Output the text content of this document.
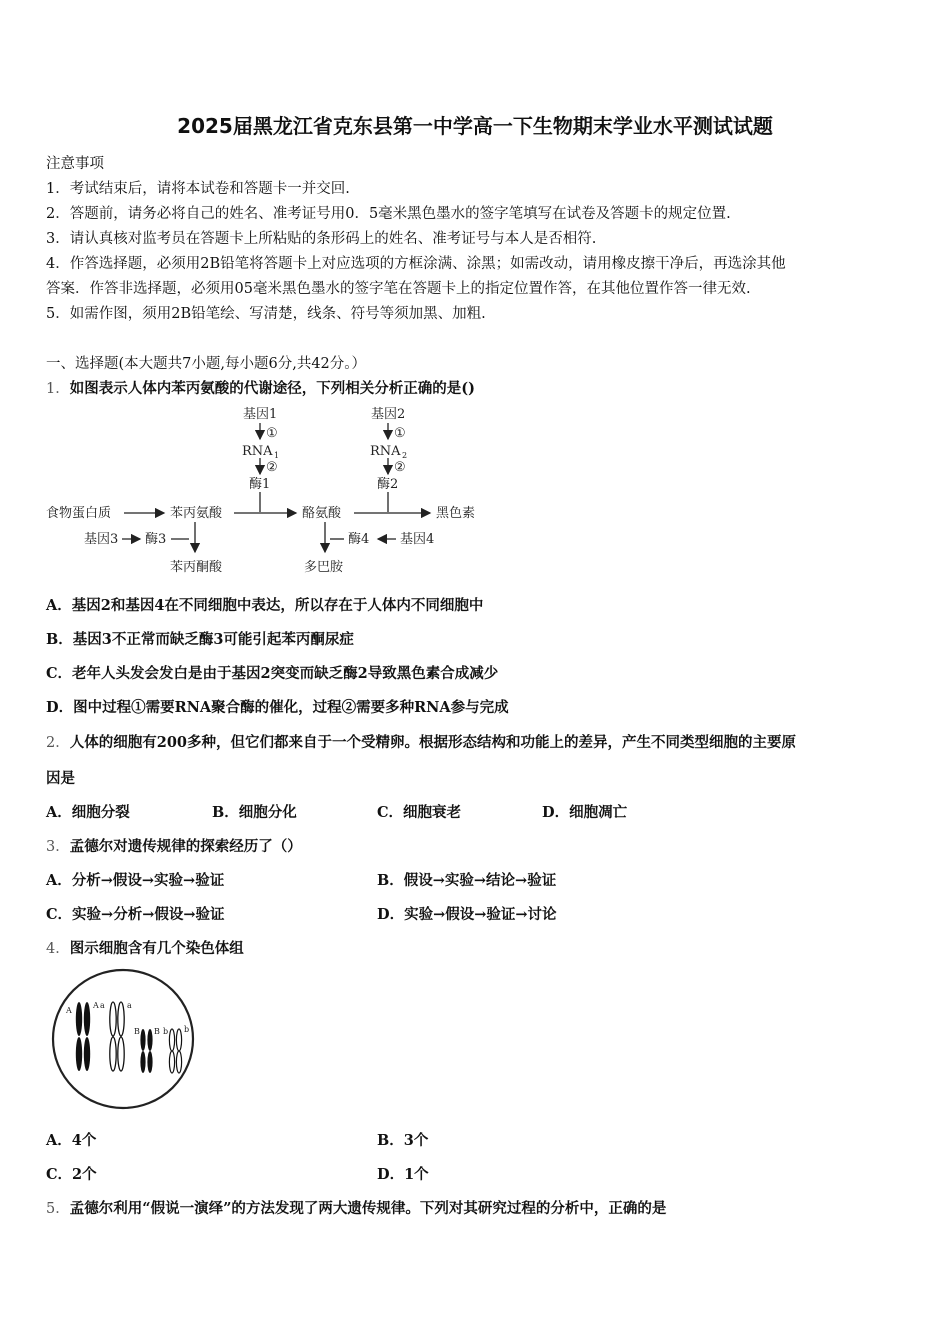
2025届黑龙江省克东县第一中学高一下生物期末学业水平测试试题
注意事项
1．考试结束后，请将本试卷和答题卡一并交回.
2．答题前，请务必将自己的姓名、准考证号用0．5毫米黑色墨水的签字笔填写在试卷及答题卡的规定位置.
3．请认真核对监考员在答题卡上所粘贴的条形码上的姓名、准考证号与本人是否相符.
4．作答选择题，必须用2B铅笔将答题卡上对应选项的方框涂满、涂黑；如需改动，请用橡皮擦干净后，再选涂其他
答案．作答非选择题，必须用05毫米黑色墨水的签字笔在答题卡上的指定位置作答，在其他位置作答一律无效.
5．如需作图，须用2B铅笔绘、写清楚，线条、符号等须加黑、加粗.
一、选择题(本大题共7小题,每小题6分,共42分。）
1．如图表示人体内苯丙氨酸的代谢途径，下列相关分析正确的是()
基因1
①
RNA 1
②
酶1
基因2
①
RNA 2
②
酶2
食物蛋白质	苯丙氨酸	酪氨酸	黑色素
基因3 酶3
苯丙酮酸
酶4 基因4
多巴胺
A．基因2和基因4在不同细胞中表达，所以存在于人体内不同细胞中
B．基因3不正常而缺乏酶3可能引起苯丙酮尿症
C．老年人头发会发白是由于基因2突变而缺乏酶2导致黑色素合成减少
D．图中过程①需要RNA聚合酶的催化，过程②需要多种RNA参与完成
2．人体的细胞有200多种，但它们都来自于一个受精卵。根据形态结构和功能上的差异，产生不同类型细胞的主要原
因是
A．细胞分裂	B．细胞分化	C．细胞衰老	D．细胞凋亡
3．孟德尔对遗传规律的探索经历了（）
A．分析→假设→实验→验证	B．假设→实验→结论→验证
C．实验→分析→假设→验证	D．实验→假设→验证→讨论
4．图示细胞含有几个染色体组
A
A a	a
B B b b
A．4个	B．3个
C．2个	D．1个
5．孟德尔利用“假说一演绎”的方法发现了两大遗传规律。下列对其研究过程的分析中，正确的是
